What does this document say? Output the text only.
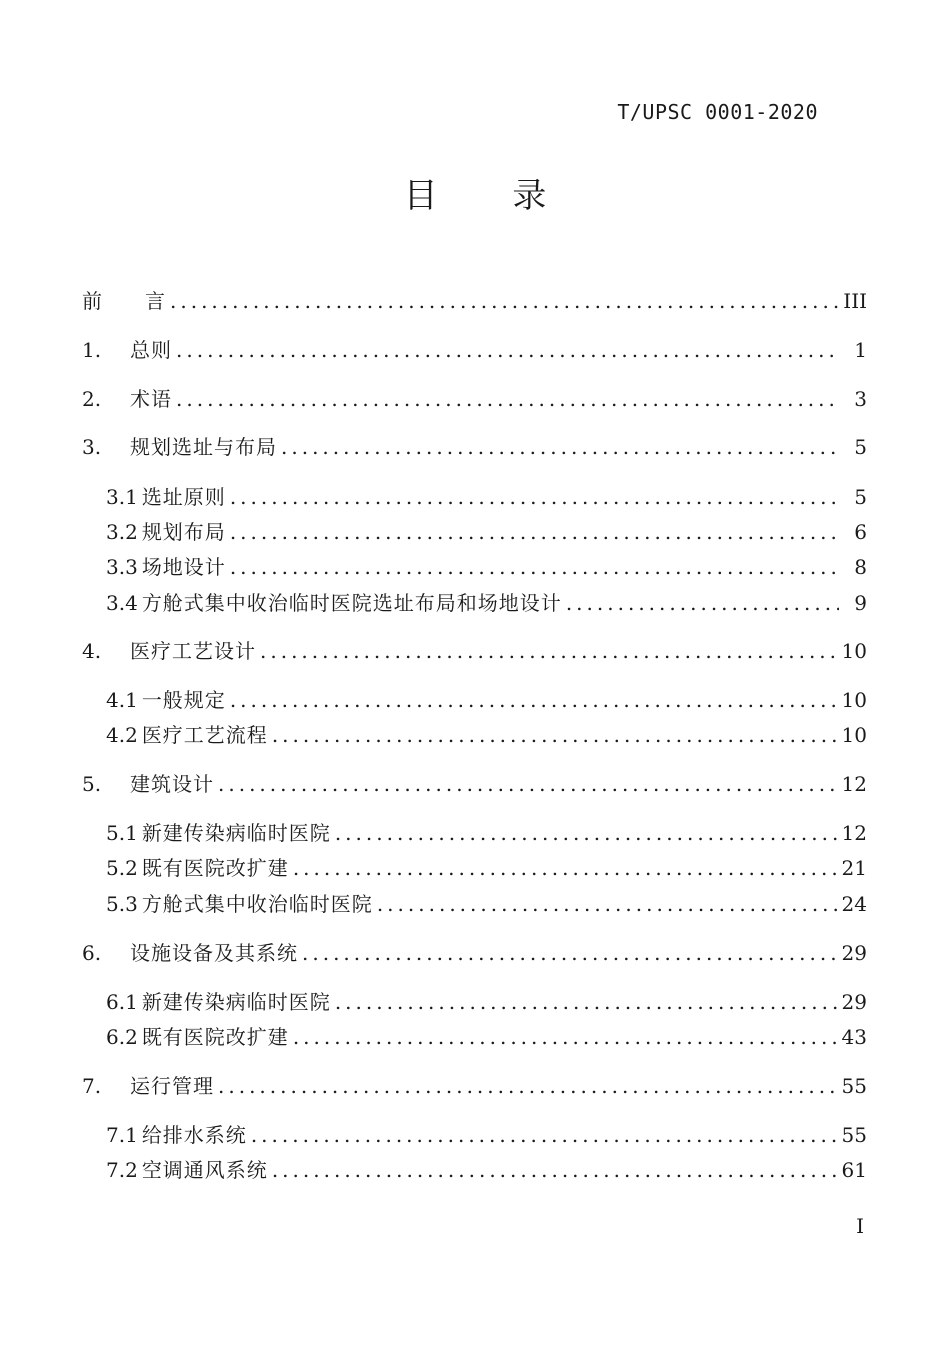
T/UPSC 0001-2020
目 录
前　　言 .....	III
1.	总则 .....	1
2.	术语 .....	3
3.	规划选址与布局 .....	5
3.1 选址原则 .....	5
3.2 规划布局 .....	6
3.3 场地设计 .....	8
3.4 方舱式集中收治临时医院选址布局和场地设计 .....	9
4.	医疗工艺设计 .....	10
4.1 一般规定 .....	10
4.2 医疗工艺流程 .....	10
5.	建筑设计 .....	12
5.1 新建传染病临时医院 .....	12
5.2 既有医院改扩建 .....	21
5.3 方舱式集中收治临时医院 .....	24
6.	设施设备及其系统 .....	29
6.1 新建传染病临时医院 .....	29
6.2 既有医院改扩建 .....	43
7.	运行管理 .....	55
7.1 给排水系统 .....	55
7.2 空调通风系统 .....	61
I
